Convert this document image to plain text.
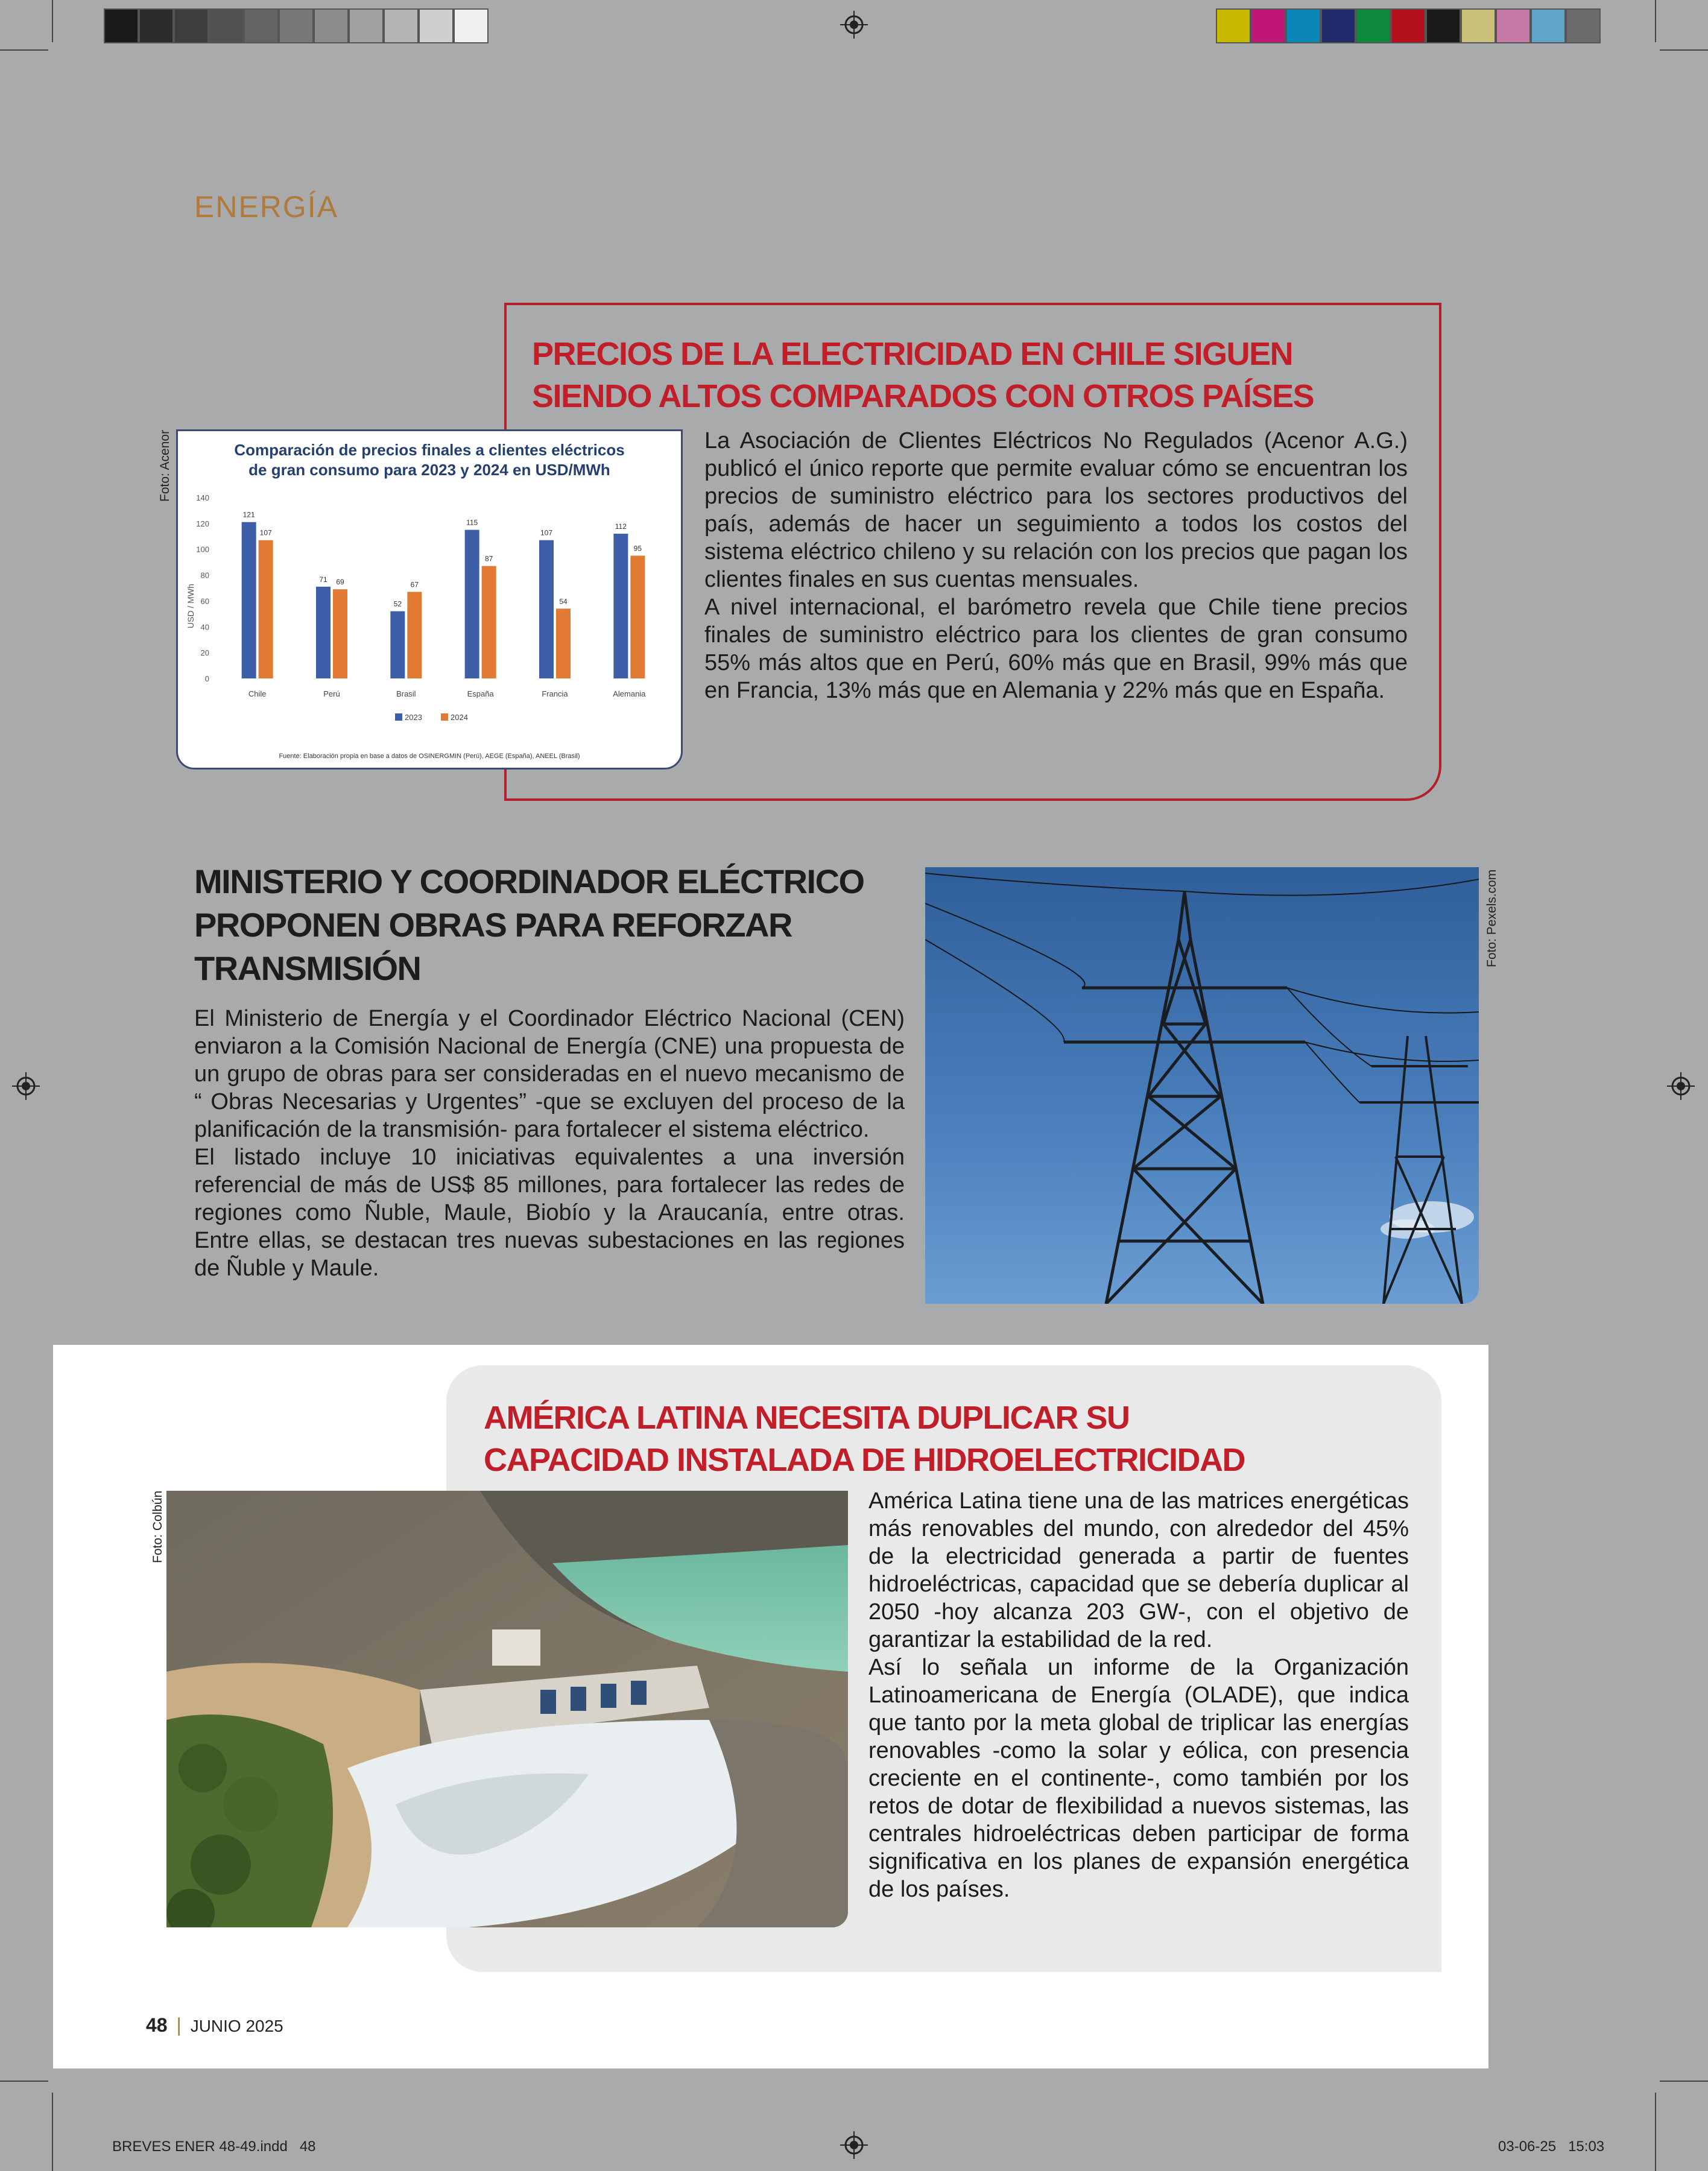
ENERGÍA
PRECIOS DE LA ELECTRICIDAD EN CHILE SIGUEN
SIENDO ALTOS COMPARADOS CON OTROS PAÍSES

La Asociación de Clientes Eléctricos No Regulados (Acenor A.G.) publicó el único reporte que permite evaluar cómo se encuentran los precios de suministro eléctrico para los sectores productivos del país, además de hacer un seguimiento a todos los costos del sistema eléctrico chileno y su relación con los precios que pagan los clientes finales en sus cuentas mensuales.

A nivel internacional, el barómetro revela que Chile tiene precios finales de suministro eléctrico para los clientes de gran consumo 55% más altos que en Perú, 60% más que en Brasil, 99% más que en Francia, 13% más que en Alemania y 22% más que en España.

Foto: Acenor	Comparación de precios finales a clientes eléctricos
de gran consumo para 2023 y 2024 en USD/MWh
USD / MWh
0
20
40
60
80
100
120
140
121
107
Chile
71 69
Perú
52
67
Brasil
115
87
España
107
54
Francia
112
95
Alemania
2023	2024
Fuente: Elaboración propia en base a datos de OSINERGMIN (Perú), AEGE (España), ANEEL (Brasil)
MINISTERIO Y COORDINADOR ELÉCTRICO
PROPONEN OBRAS PARA REFORZAR
TRANSMISIÓN

El Ministerio de Energía y el Coordinador Eléctrico Nacional (CEN) enviaron a la Comisión Nacional de Energía (CNE) una propuesta de un grupo de obras para ser consideradas en el nuevo mecanismo de “ Obras Necesarias y Urgentes” -que se excluyen del proceso de la planificación de la transmisión- para fortalecer el sistema eléctrico.

El listado incluye 10 iniciativas equivalentes a una inversión referencial de más de US$ 85 millones, para fortalecer las redes de regiones como Ñuble, Maule, Biobío y la Araucanía, entre otras. Entre ellas, se destacan tres nuevas subestaciones en las regiones de Ñuble y Maule.

Foto: Pexels.com
AMÉRICA LATINA NECESITA DUPLICAR SU
CAPACIDAD INSTALADA DE HIDROELECTRICIDAD

América Latina tiene una de las matrices energéticas más renovables del mundo, con alrededor del 45% de la electricidad generada a partir de fuentes hidroeléctricas, capacidad que se debería duplicar al 2050 -hoy alcanza 203 GW-, con el objetivo de garantizar la estabilidad de la red.

Así lo señala un informe de la Organización Latinoamericana de Energía (OLADE), que indica que tanto por la meta global de triplicar las energías renovables -como la solar y eólica, con presencia creciente en el continente-, como también por los retos de dotar de flexibilidad a nuevos sistemas, las centrales hidroeléctricas deben participar de forma significativa en los planes de expansión energética de los países.

Foto: Colbún
48 | JUNIO 2025
BREVES ENER 48-49.indd   48	03-06-25   15:03
